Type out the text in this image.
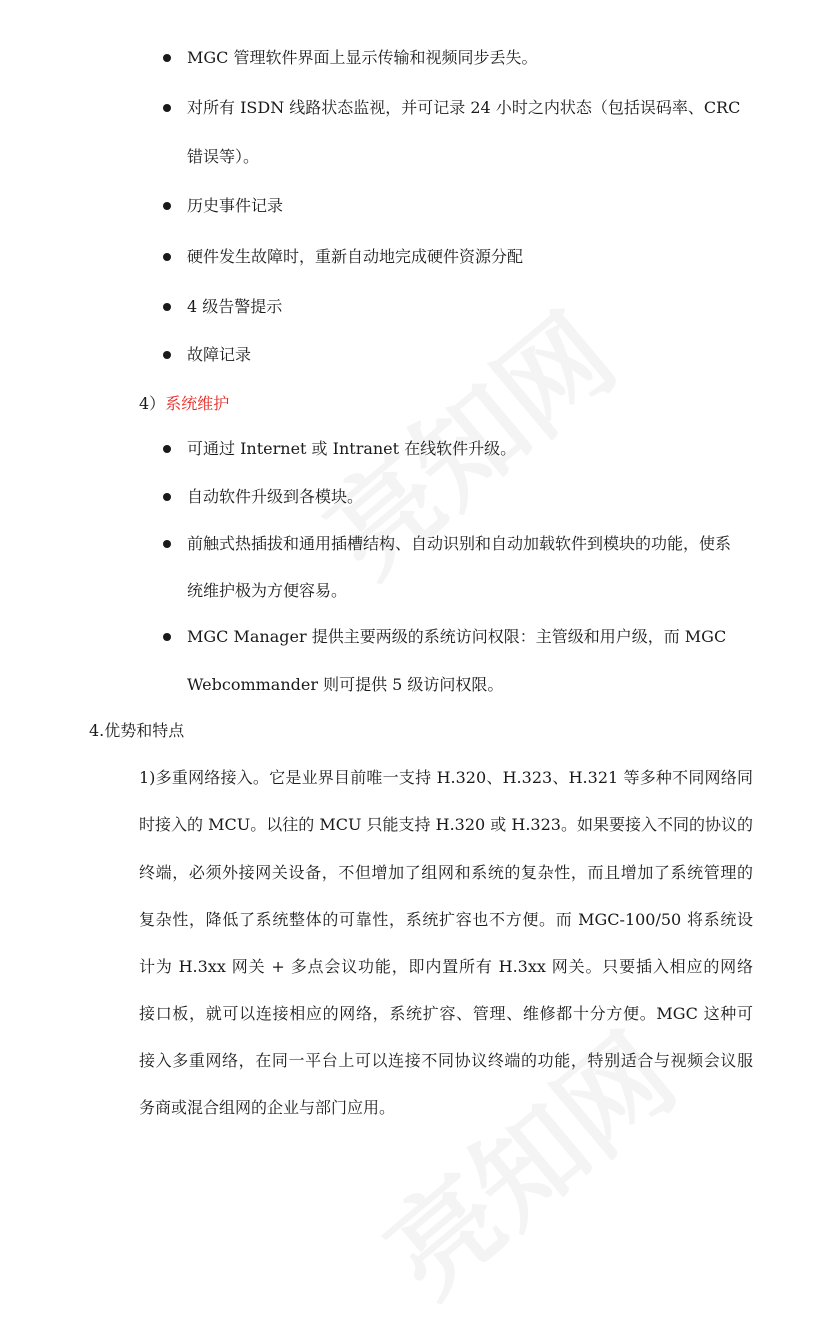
MGC 管理软件界面上显示传输和视频同步丢失。
对所有 ISDN 线路状态监视，并可记录 24 小时之内状态（包括误码率、CRC
错误等）。
历史事件记录
硬件发生故障时，重新自动地完成硬件资源分配
4 级告警提示
故障记录
4）系统维护
可通过 Internet 或 Intranet 在线软件升级。
自动软件升级到各模块。
前触式热插拔和通用插槽结构、自动识别和自动加载软件到模块的功能，使系
统维护极为方便容易。
MGC Manager 提供主要两级的系统访问权限：主管级和用户级，而 MGC
Webcommander 则可提供 5 级访问权限。
4.优势和特点
1)多重网络接入。它是业界目前唯一支持 H.320、H.323、H.321 等多种不同网络同
时接入的 MCU。以往的 MCU 只能支持 H.320 或 H.323。如果要接入不同的协议的
终端，必须外接网关设备，不但增加了组网和系统的复杂性，而且增加了系统管理的
复杂性，降低了系统整体的可靠性，系统扩容也不方便。而 MGC-100/50 将系统设
计为 H.3xx 网关 + 多点会议功能，即内置所有 H.3xx 网关。只要插入相应的网络
接口板，就可以连接相应的网络，系统扩容、管理、维修都十分方便。MGC 这种可
接入多重网络，在同一平台上可以连接不同协议终端的功能，特别适合与视频会议服
务商或混合组网的企业与部门应用。
